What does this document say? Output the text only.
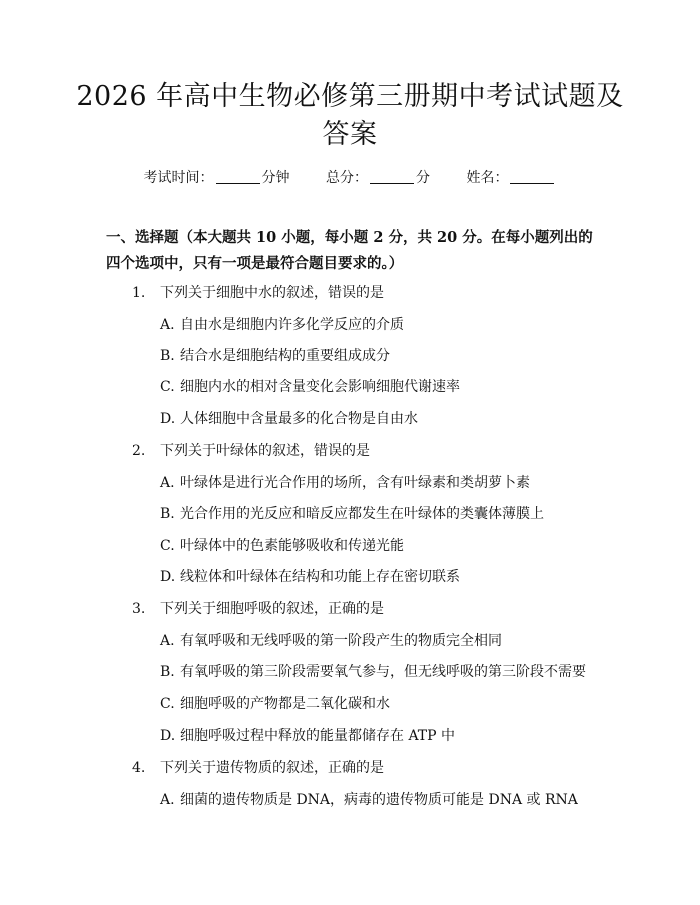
2026 年高中生物必修第三册期中考试试题及
答案
考试时间：	分钟	总分：	分	姓名：
一、选择题（本大题共 10 小题，每小题 2 分，共 20 分。在每小题列出的四个选项中，只有一项是最符合题目要求的。）
1. 下列关于细胞中水的叙述，错误的是
A. 自由水是细胞内许多化学反应的介质
B. 结合水是细胞结构的重要组成成分
C. 细胞内水的相对含量变化会影响细胞代谢速率
D. 人体细胞中含量最多的化合物是自由水
2. 下列关于叶绿体的叙述，错误的是
A. 叶绿体是进行光合作用的场所，含有叶绿素和类胡萝卜素
B. 光合作用的光反应和暗反应都发生在叶绿体的类囊体薄膜上
C. 叶绿体中的色素能够吸收和传递光能
D. 线粒体和叶绿体在结构和功能上存在密切联系
3. 下列关于细胞呼吸的叙述，正确的是
A. 有氧呼吸和无线呼吸的第一阶段产生的物质完全相同
B. 有氧呼吸的第三阶段需要氧气参与，但无线呼吸的第三阶段不需要
C. 细胞呼吸的产物都是二氧化碳和水
D. 细胞呼吸过程中释放的能量都储存在 ATP 中
4. 下列关于遗传物质的叙述，正确的是
A. 细菌的遗传物质是 DNA，病毒的遗传物质可能是 DNA 或 RNA
